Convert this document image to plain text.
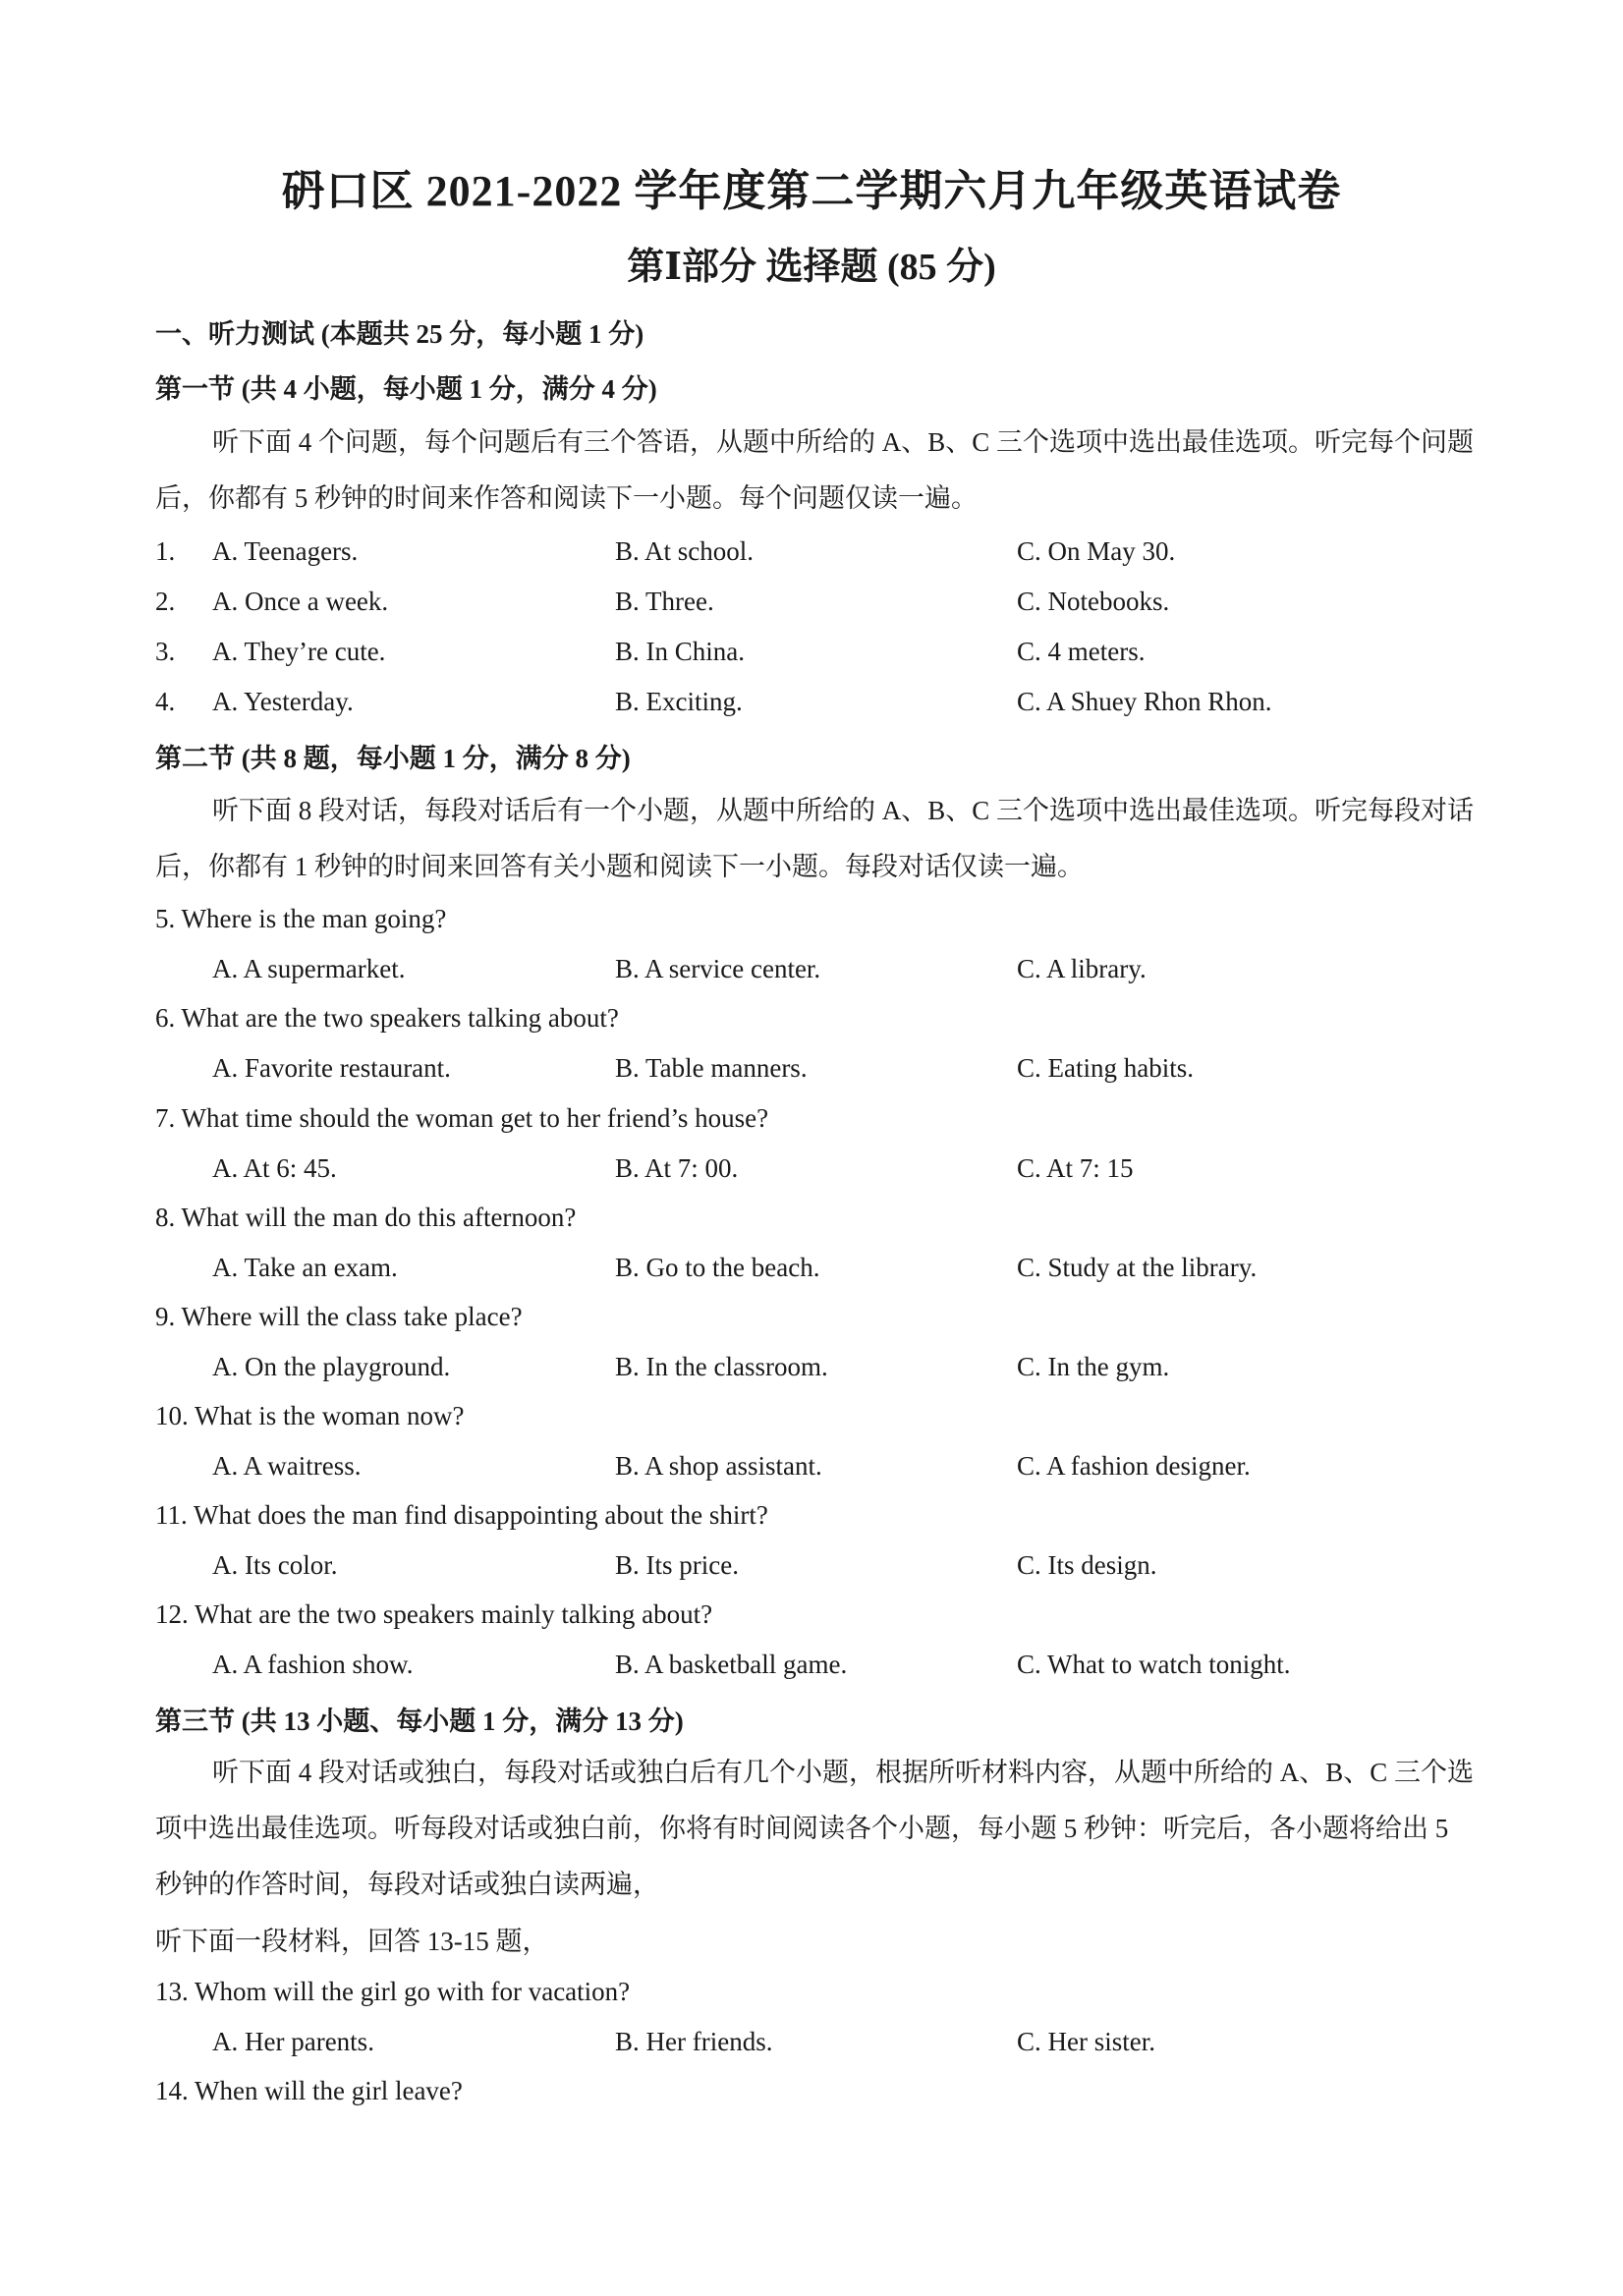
砃口区 2021-2022 学年度第二学期六月九年级英语试卷
第Ⅰ部分 选择题 (85 分)
一、听力测试 (本题共 25 分，每小题 1 分)
第一节 (共 4 小题，每小题 1 分，满分 4 分)
听下面 4 个问题，每个问题后有三个答语，从题中所给的 A、B、C 三个选项中选出最佳选项。听完每个问题后，你都有 5 秒钟的时间来作答和阅读下一小题。每个问题仅读一遍。
1. A. Teenagers.	B. At school.	C. On May 30.
2. A. Once a week.	B. Three.	C. Notebooks.
3. A. They’re cute.	B. In China.	C. 4 meters.
4. A. Yesterday.	B. Exciting.	C. A Shuey Rhon Rhon.
第二节 (共 8 题，每小题 1 分，满分 8 分)
听下面 8 段对话，每段对话后有一个小题，从题中所给的 A、B、C 三个选项中选出最佳选项。听完每段对话后，你都有 1 秒钟的时间来回答有关小题和阅读下一小题。每段对话仅读一遍。
5. Where is the man going?
A. A supermarket.	B. A service center.	C. A library.
6. What are the two speakers talking about?
A. Favorite restaurant.	B. Table manners.	C. Eating habits.
7. What time should the woman get to her friend’s house?
A. At 6: 45.	B. At 7: 00.	C. At 7: 15
8. What will the man do this afternoon?
A. Take an exam.	B. Go to the beach.	C. Study at the library.
9. Where will the class take place?
A. On the playground.	B. In the classroom.	C. In the gym.
10. What is the woman now?
A. A waitress.	B. A shop assistant.	C. A fashion designer.
11. What does the man find disappointing about the shirt?
A. Its color.	B. Its price.	C. Its design.
12. What are the two speakers mainly talking about?
A. A fashion show.	B. A basketball game.	C. What to watch tonight.
第三节 (共 13 小题、每小题 1 分，满分 13 分)
听下面 4 段对话或独白，每段对话或独白后有几个小题，根据所听材料内容，从题中所给的 A、B、C 三个选项中选出最佳选项。听每段对话或独白前，你将有时间阅读各个小题，每小题 5 秒钟：听完后，各小题将给出 5 秒钟的作答时间，每段对话或独白读两遍，
听下面一段材料，回答 13-15 题，
13. Whom will the girl go with for vacation?
A. Her parents.	B. Her friends.	C. Her sister.
14. When will the girl leave?
